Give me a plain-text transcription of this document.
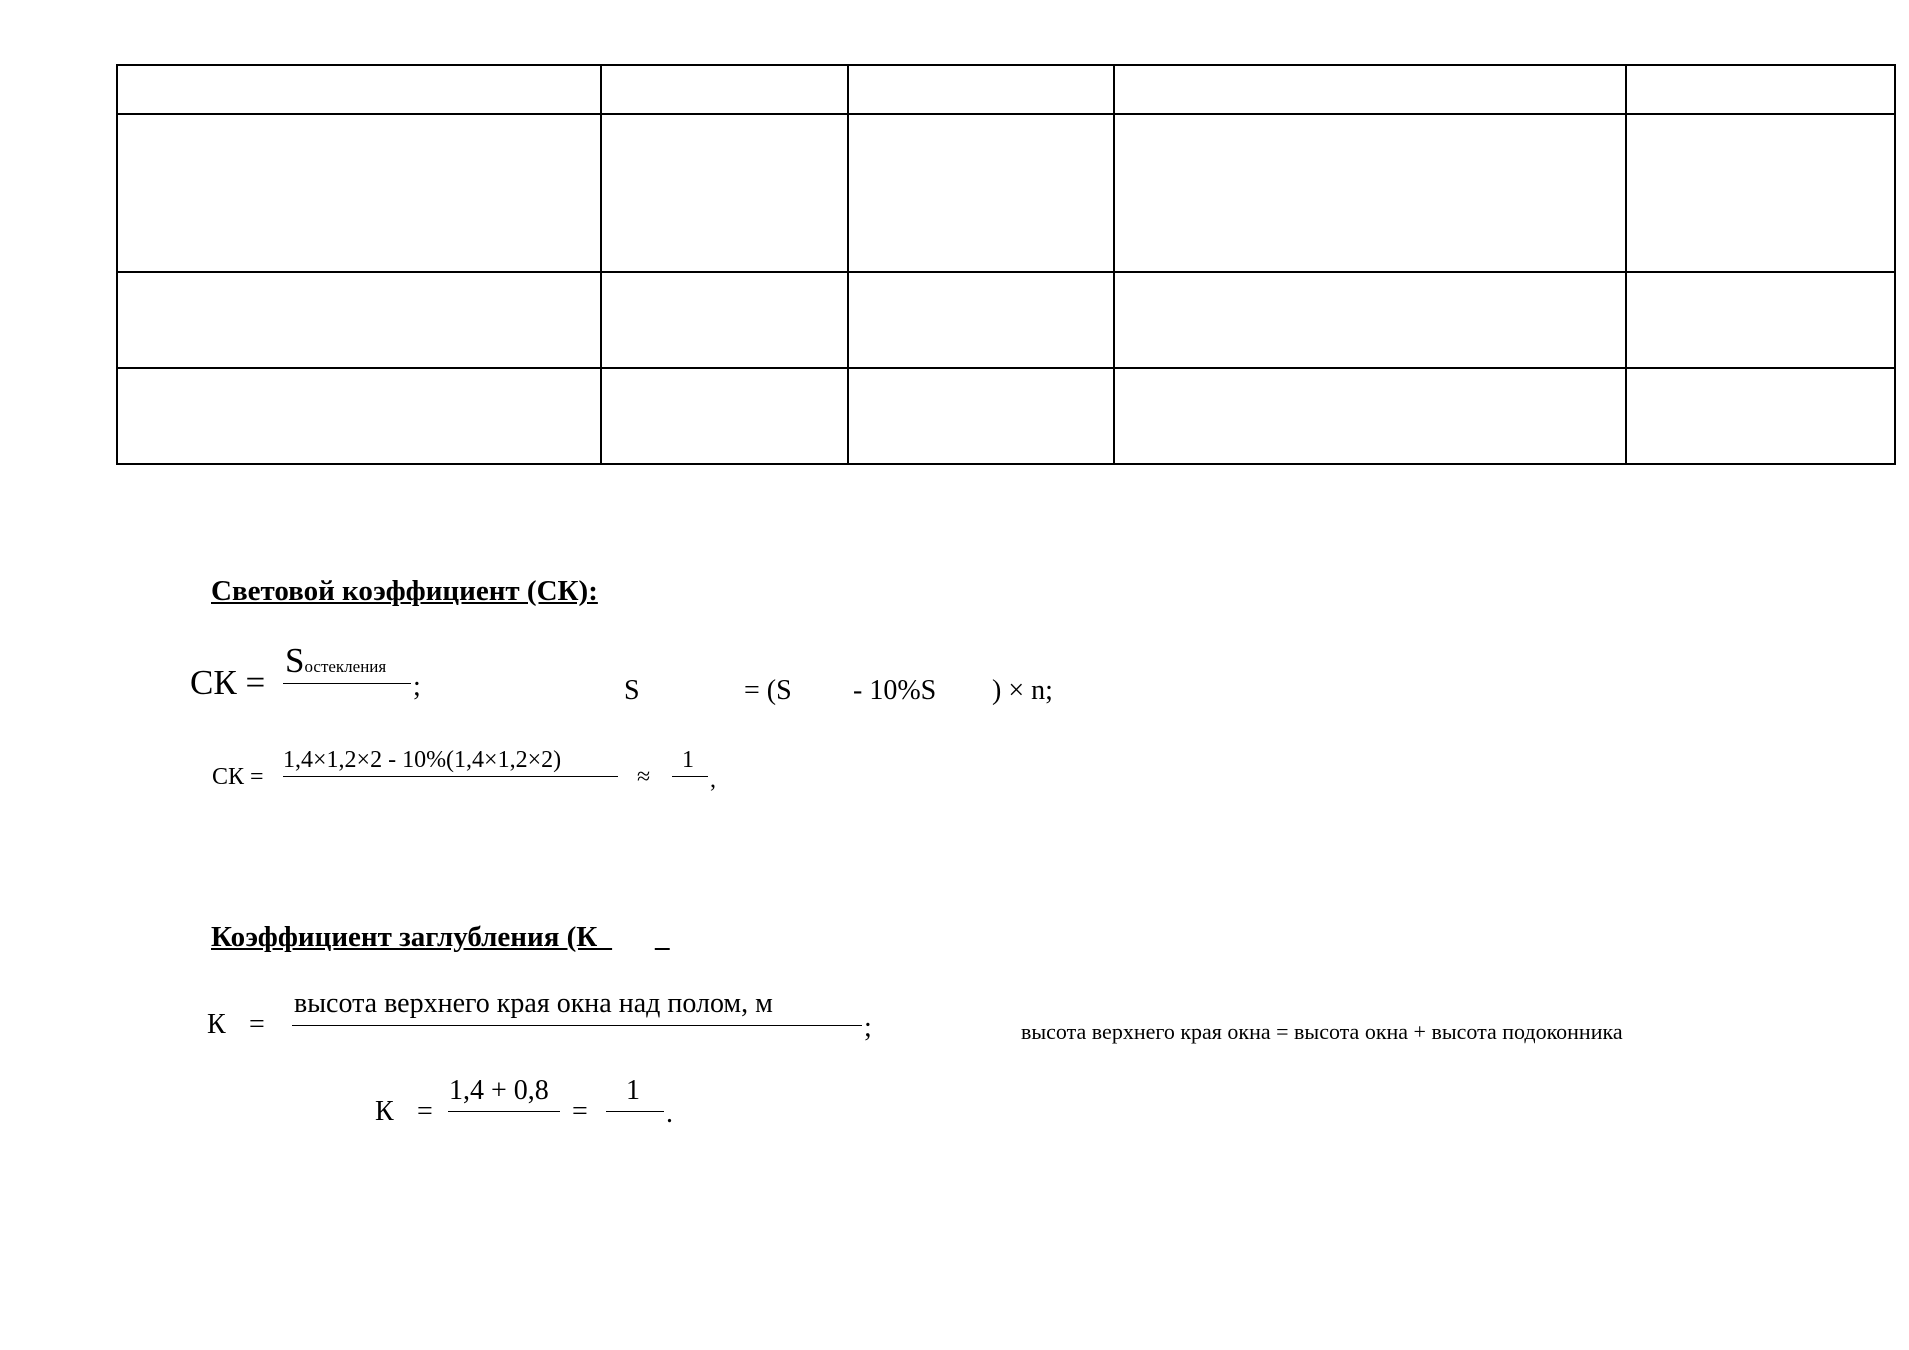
Световой коэффициент (СК):
СК =
Sостекления
;	S	= (S - 10%S ) × n;
СК =
1,4×1,2×2 - 10%(1,4×1,2×2)
≈
1
,
Коэффициент заглубления (К_ _
К =
высота верхнего края окна над полом, м
;	высота верхнего края окна = высота окна + высота подоконника
К =
1,4 + 0,8
=
1
.
